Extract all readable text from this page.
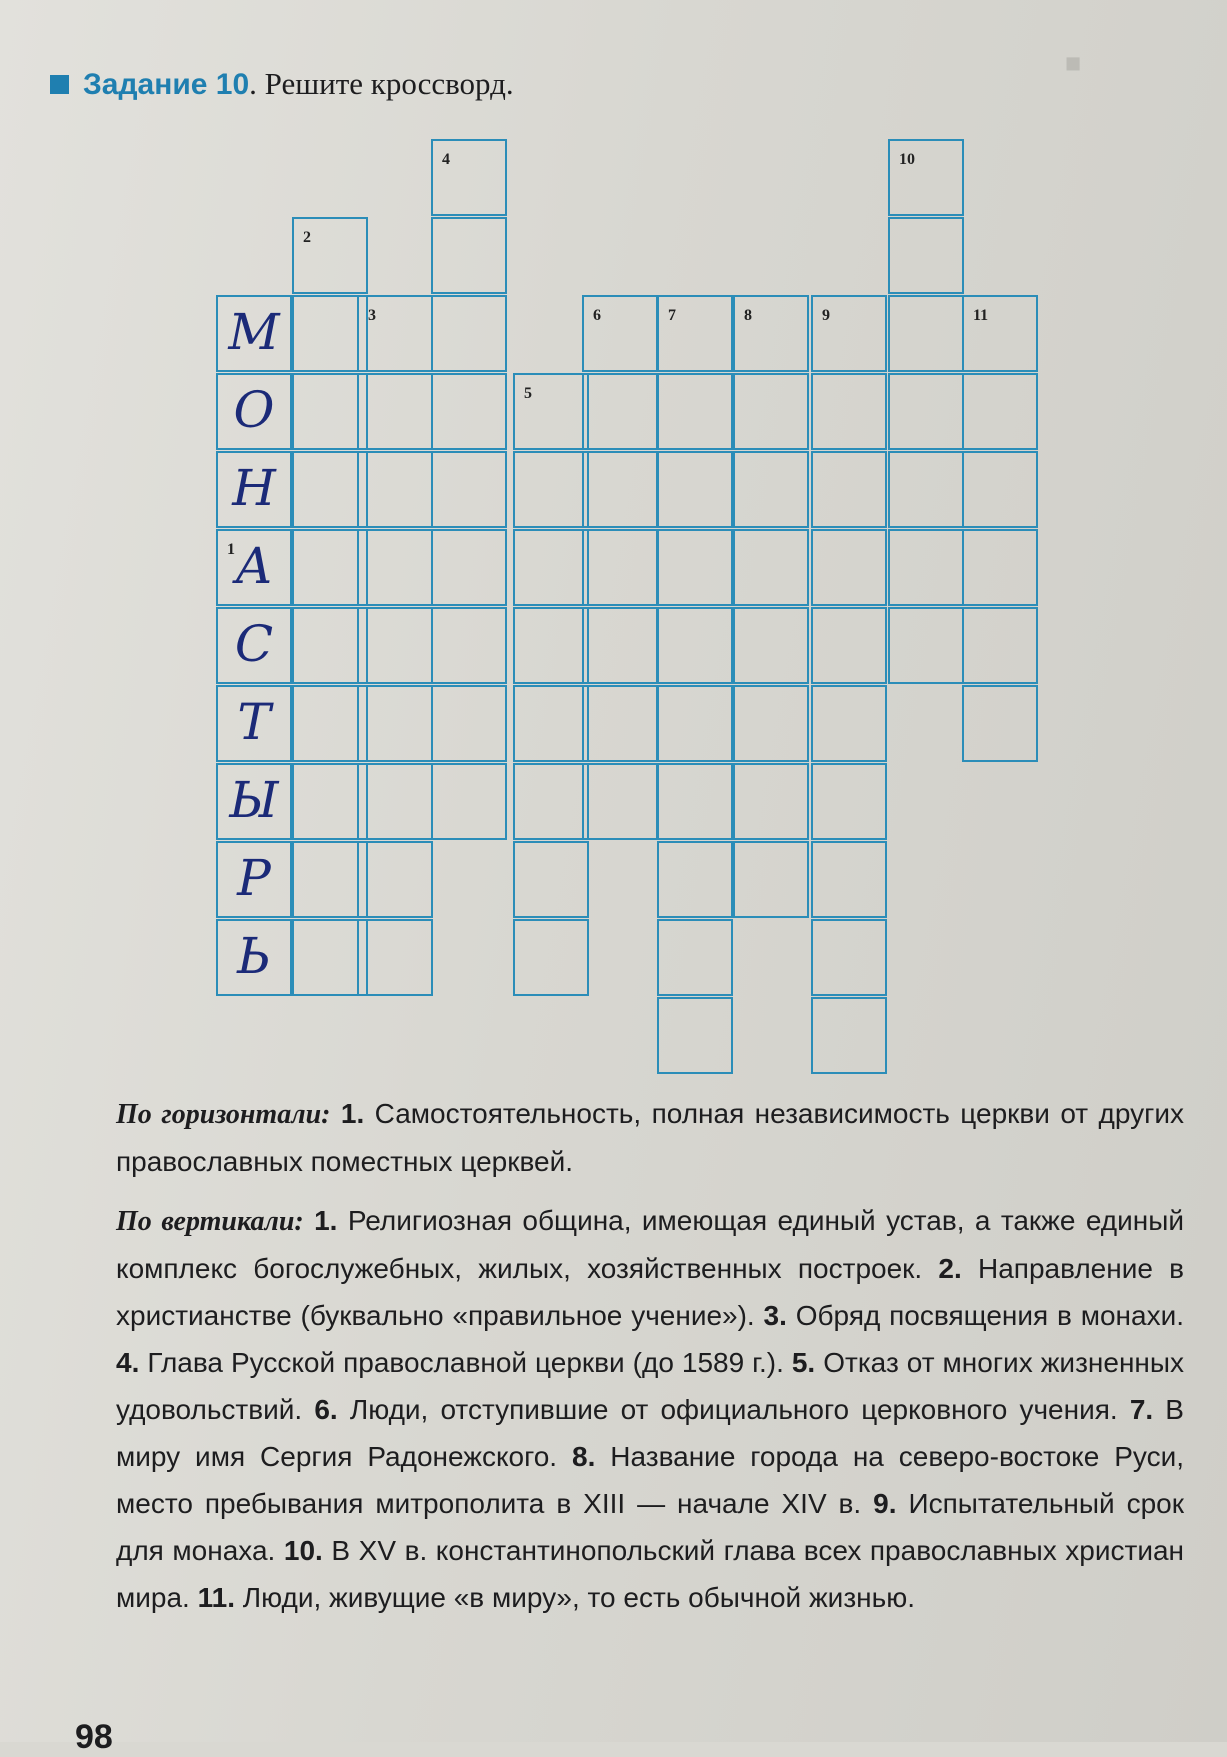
■
Задание 10. Решите кроссворд.
М
О
Н
А
1
С
Т
Ы
Р
Ь
2
3
4
5
6	7	8	9
10
11

По горизонтали: 1. Самостоятельность, полная независимость церкви от других православных поместных церквей.

По вертикали: 1. Религиозная община, имеющая единый устав, а также единый комплекс богослужебных, жилых, хозяйственных построек. 2. Направление в христианстве (буквально «правильное учение»). 3. Обряд посвящения в монахи. 4. Глава Русской православной церкви (до 1589 г.). 5. Отказ от многих жизненных удовольствий. 6. Люди, отступившие от официального церковного учения. 7. В миру имя Сергия Радонежского. 8. Название города на северо-востоке Руси, место пребывания митрополита в XIII — начале XIV в. 9. Испытательный срок для монаха. 10. В XV в. константинопольский глава всех православных христиан мира. 11. Люди, живущие «в миру», то есть обычной жизнью.

98
